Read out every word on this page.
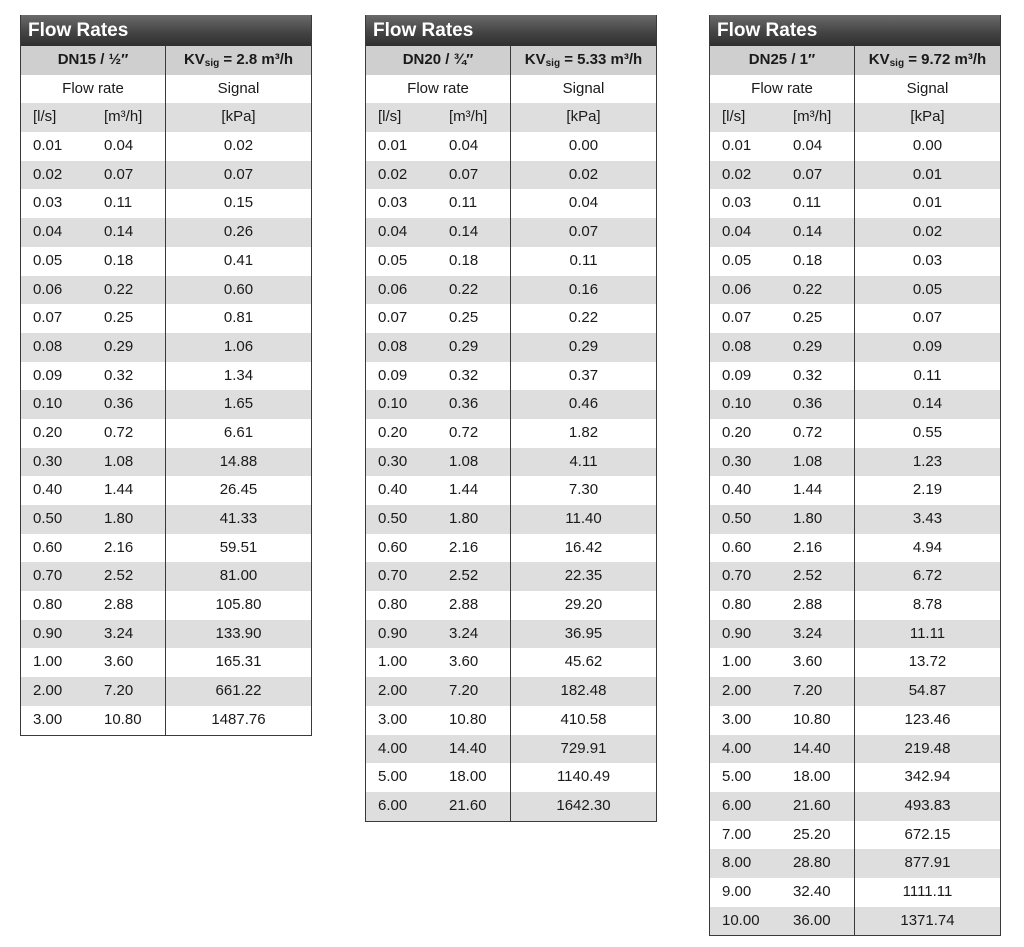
Flow Rates
DN15 / ½″	$KV_{sig} = 2.8$ m³/h
Flow rate	Signal
[l/s]	[m³/h]	[kPa]
0.01	0.04	0.02
0.02	0.07	0.07
0.03	0.11	0.15
0.04	0.14	0.26
0.05	0.18	0.41
0.06	0.22	0.60
0.07	0.25	0.81
0.08	0.29	1.06
0.09	0.32	1.34
0.10	0.36	1.65
0.20	0.72	6.61
0.30	1.08	14.88
0.40	1.44	26.45
0.50	1.80	41.33
0.60	2.16	59.51
0.70	2.52	81.00
0.80	2.88	105.80
0.90	3.24	133.90
1.00	3.60	165.31
2.00	7.20	661.22
3.00	10.80	1487.76
Flow Rates
DN20 / ¾″	$KV_{sig} = 5.33$ m³/h
Flow rate	Signal
[l/s]	[m³/h]	[kPa]
0.01	0.04	0.00
0.02	0.07	0.02
0.03	0.11	0.04
0.04	0.14	0.07
0.05	0.18	0.11
0.06	0.22	0.16
0.07	0.25	0.22
0.08	0.29	0.29
0.09	0.32	0.37
0.10	0.36	0.46
0.20	0.72	1.82
0.30	1.08	4.11
0.40	1.44	7.30
0.50	1.80	11.40
0.60	2.16	16.42
0.70	2.52	22.35
0.80	2.88	29.20
0.90	3.24	36.95
1.00	3.60	45.62
2.00	7.20	182.48
3.00	10.80	410.58
4.00	14.40	729.91
5.00	18.00	1140.49
6.00	21.60	1642.30
Flow Rates
DN25 / 1″	$KV_{sig} = 9.72$ m³/h
Flow rate	Signal
[l/s]	[m³/h]	[kPa]
0.01	0.04	0.00
0.02	0.07	0.01
0.03	0.11	0.01
0.04	0.14	0.02
0.05	0.18	0.03
0.06	0.22	0.05
0.07	0.25	0.07
0.08	0.29	0.09
0.09	0.32	0.11
0.10	0.36	0.14
0.20	0.72	0.55
0.30	1.08	1.23
0.40	1.44	2.19
0.50	1.80	3.43
0.60	2.16	4.94
0.70	2.52	6.72
0.80	2.88	8.78
0.90	3.24	11.11
1.00	3.60	13.72
2.00	7.20	54.87
3.00	10.80	123.46
4.00	14.40	219.48
5.00	18.00	342.94
6.00	21.60	493.83
7.00	25.20	672.15
8.00	28.80	877.91
9.00	32.40	1111.11
10.00	36.00	1371.74
